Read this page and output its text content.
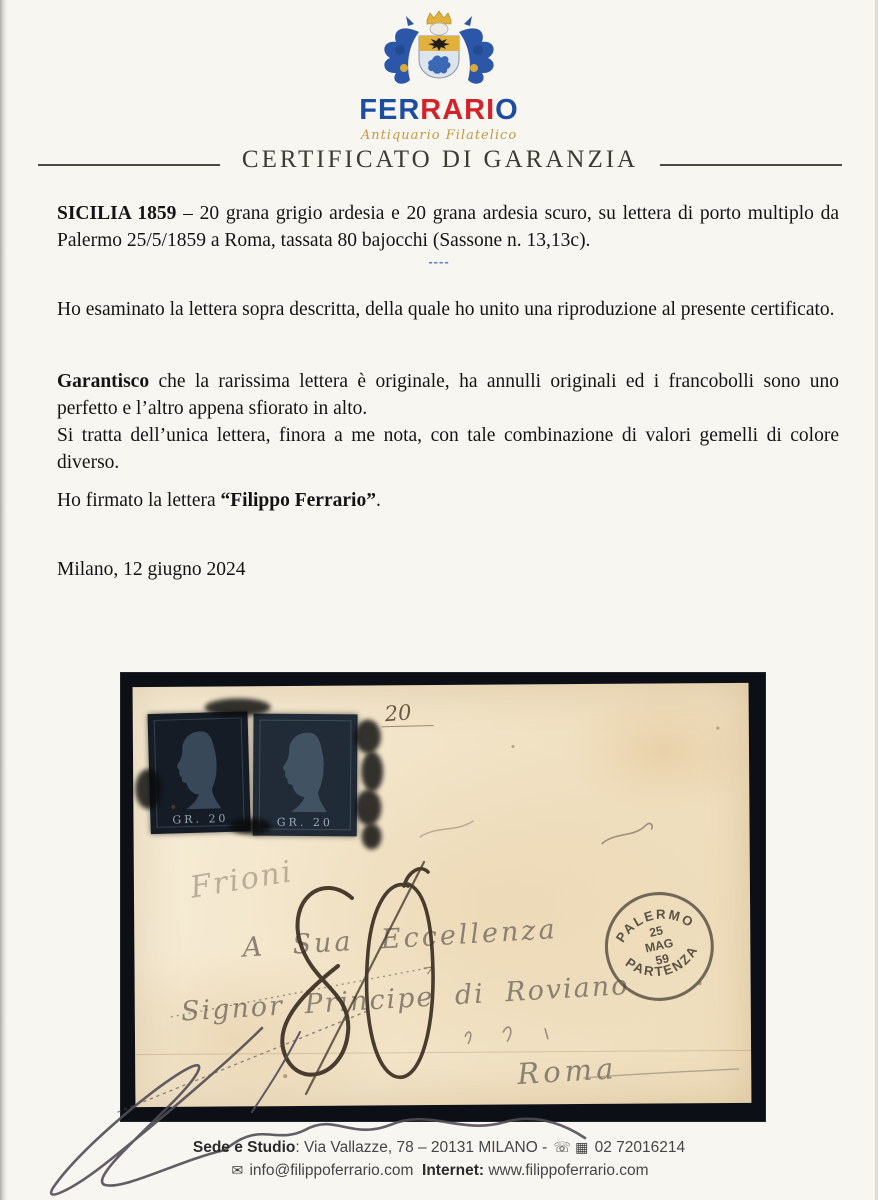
FERRARIO
Antiquario Filatelico
CERTIFICATO DI GARANZIA

SICILIA 1859 – 20 grana grigio ardesia e 20 grana ardesia scuro, su lettera di porto multiplo da Palermo 25/5/1859 a Roma, tassata 80 bajocchi (Sassone n. 13,13c).

----

Ho esaminato la lettera sopra descritta, della quale ho unito una riproduzione al presente certificato.

Garantisco che la rarissima lettera è originale, ha annulli originali ed i francobolli sono uno perfetto e l’altro appena sfiorato in alto.
Si tratta dell’unica lettera, finora a me nota, con tale combinazione di valori gemelli di colore diverso.

Ho firmato la lettera “Filippo Ferrario”.

Milano, 12 giugno 2024

GR. 20	GR. 20
20
Frioni
A Sua Eccellenza
Signor Principe di Roviano
Roma
PALERMO
PARTENZA
25
MAG
59
Sede e Studio: Via Vallazze, 78 – 20131 MILANO - ☏ ▦ 02 72016214
✉ info@filippoferrario.com Internet: www.filippoferrario.com
